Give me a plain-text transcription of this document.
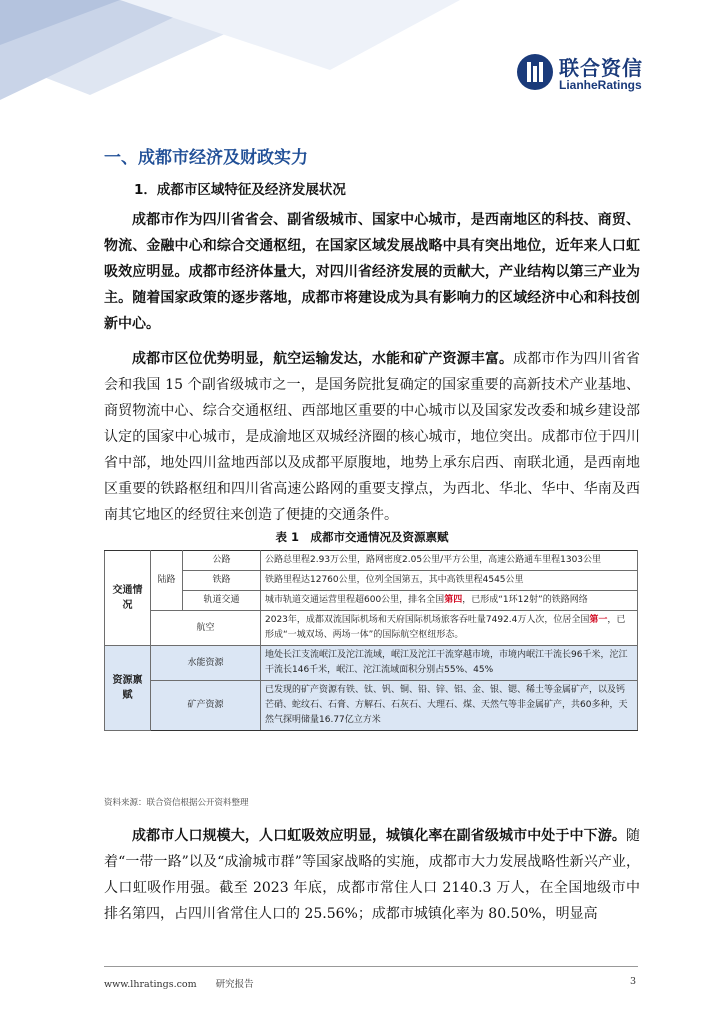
联合资信
LianheRatings
一、成都市经济及财政实力
1．成都市区域特征及经济发展状况

成都市作为四川省省会、副省级城市、国家中心城市，是西南地区的科技、商贸、物流、金融中心和综合交通枢纽，在国家区域发展战略中具有突出地位，近年来人口虹吸效应明显。成都市经济体量大，对四川省经济发展的贡献大，产业结构以第三产业为主。随着国家政策的逐步落地，成都市将建设成为具有影响力的区域经济中心和科技创新中心。

成都市区位优势明显，航空运输发达，水能和矿产资源丰富。成都市作为四川省省会和我国 15 个副省级城市之一，是国务院批复确定的国家重要的高新技术产业基地、商贸物流中心、综合交通枢纽、西部地区重要的中心城市以及国家发改委和城乡建设部认定的国家中心城市，是成渝地区双城经济圈的核心城市，地位突出。成都市位于四川省中部，地处四川盆地西部以及成都平原腹地，地势上承东启西、南联北通，是西南地区重要的铁路枢纽和四川省高速公路网的重要支撑点，为西北、华北、华中、华南及西南其它地区的经贸往来创造了便捷的交通条件。

表 1　成都市交通情况及资源禀赋
交通情况	陆路	公路	公路总里程2.93万公里，路网密度2.05公里/平方公里，高速公路通车里程1303公里
		铁路	铁路里程达12760公里，位列全国第五，其中高铁里程4545公里
		轨道交通	城市轨道交通运营里程超600公里，排名全国第四，已形成“1环12射”的铁路网络
	航空		2023年，成都双流国际机场和天府国际机场旅客吞吐量7492.4万人次，位居全国第一，已形成“一城双场、两场一体”的国际航空枢纽形态。
资源禀赋	水能资源		地处长江支流岷江及沱江流域，岷江及沱江干流穿越市境，市境内岷江干流长96千米，沱江干流长146千米，岷江、沱江流域面积分别占55%、45%
	矿产资源		已发现的矿产资源有铁、钛、钒、铜、铅、锌、铝、金、银、锶、稀土等金属矿产，以及钙芒硝、蛇纹石、石膏、方解石、石灰石、大理石、煤、天然气等非金属矿产，共60多种，天然气探明储量16.77亿立方米
资料来源：联合资信根据公开资料整理

成都市人口规模大，人口虹吸效应明显，城镇化率在副省级城市中处于中下游。随着“一带一路”以及“成渝城市群”等国家战略的实施，成都市大力发展战略性新兴产业，人口虹吸作用强。截至 2023 年底，成都市常住人口 2140.3 万人，在全国地级市中排名第四，占四川省常住人口的 25.56%；成都市城镇化率为 80.50%，明显高

www.lhratings.com　　研究报告	3
